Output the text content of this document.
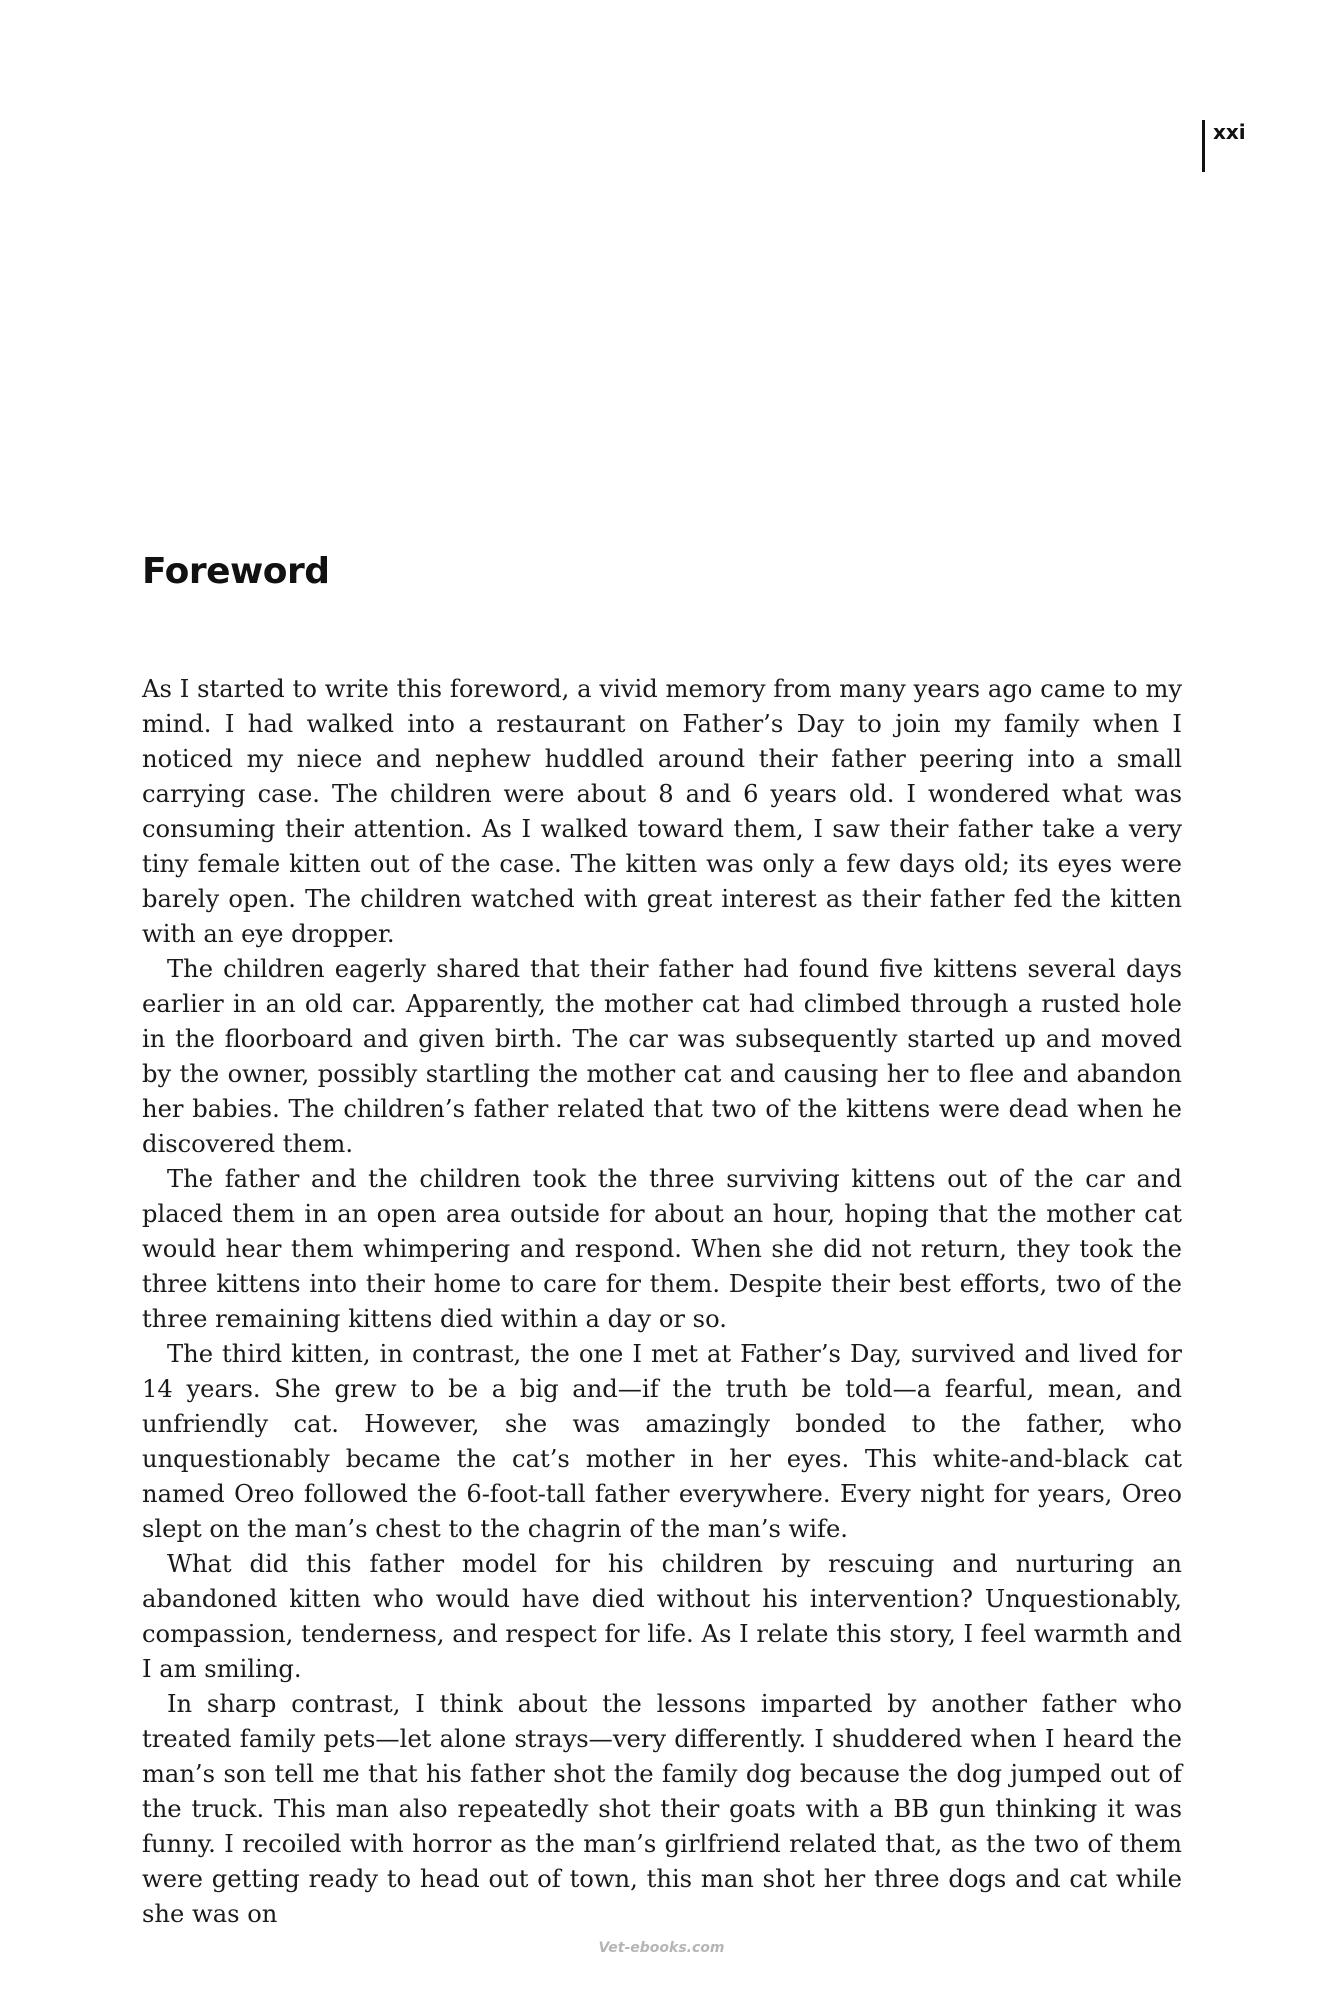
xxi
Foreword

As I started to write this foreword, a vivid memory from many years ago came to my mind. I had walked into a restaurant on Father’s Day to join my family when I noticed my niece and nephew huddled around their father peering into a small carrying case. The children were about 8 and 6 years old. I wondered what was consuming their attention. As I walked toward them, I saw their father take a very tiny female kitten out of the case. The kitten was only a few days old; its eyes were barely open. The children watched with great interest as their father fed the kitten with an eye dropper.

The children eagerly shared that their father had found five kittens several days earlier in an old car. Apparently, the mother cat had climbed through a rusted hole in the floorboard and given birth. The car was subsequently started up and moved by the owner, possibly startling the mother cat and causing her to flee and abandon her babies. The children’s father related that two of the kittens were dead when he discovered them.

The father and the children took the three surviving kittens out of the car and placed them in an open area outside for about an hour, hoping that the mother cat would hear them whimpering and respond. When she did not return, they took the three kittens into their home to care for them. Despite their best efforts, two of the three remaining kittens died within a day or so.

The third kitten, in contrast, the one I met at Father’s Day, survived and lived for 14 years. She grew to be a big and—if the truth be told—a fearful, mean, and unfriendly cat. However, she was amazingly bonded to the father, who unquestionably became the cat’s mother in her eyes. This white-and-black cat named Oreo followed the 6-foot-tall father everywhere. Every night for years, Oreo slept on the man’s chest to the chagrin of the man’s wife.

What did this father model for his children by rescuing and nurturing an abandoned kitten who would have died without his intervention? Unquestionably, compassion, tenderness, and respect for life. As I relate this story, I feel warmth and I am smiling.

In sharp contrast, I think about the lessons imparted by another father who treated family pets—let alone strays—very differently. I shuddered when I heard the man’s son tell me that his father shot the family dog because the dog jumped out of the truck. This man also repeatedly shot their goats with a BB gun thinking it was funny. I recoiled with horror as the man’s girlfriend related that, as the two of them were getting ready to head out of town, this man shot her three dogs and cat while she was on

Vet-ebooks.com
